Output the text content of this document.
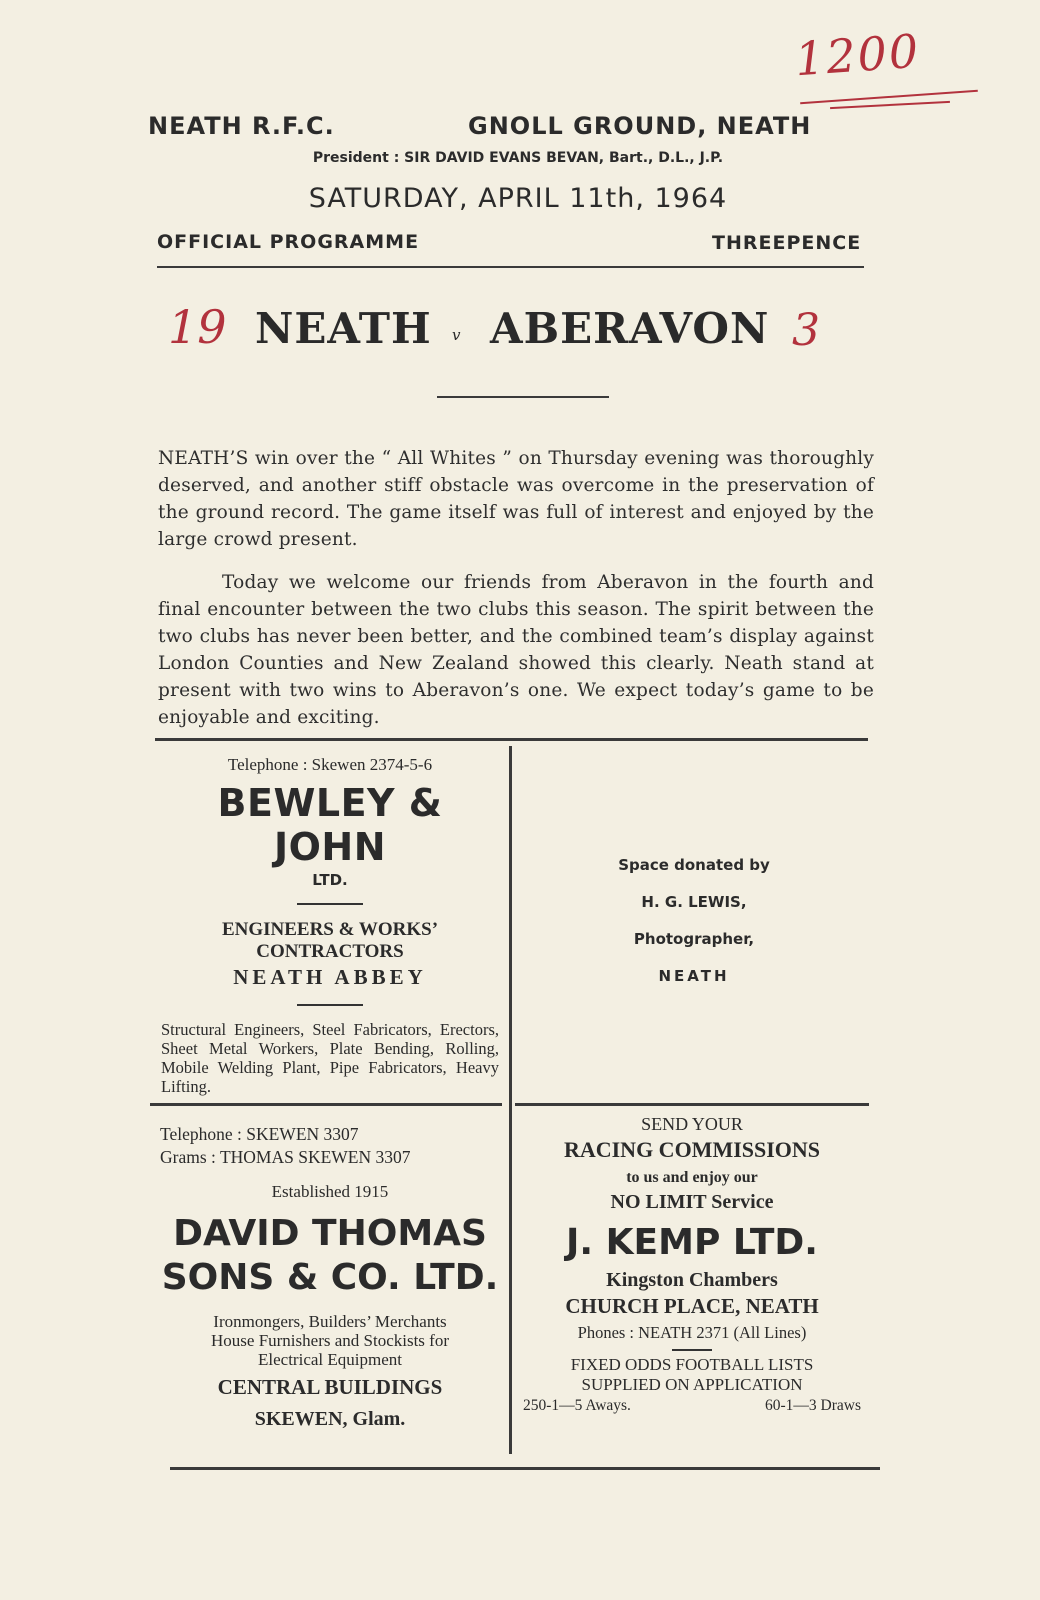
1200
NEATH R.F.C.	GNOLL GROUND, NEATH
President : SIR DAVID EVANS BEVAN, Bart., D.L., J.P.
SATURDAY, APRIL 11th, 1964
OFFICIAL PROGRAMME	THREEPENCE
19 NEATH v ABERAVON 3
NEATH’S win over the “ All Whites ” on Thursday evening was thoroughly deserved, and another stiff obstacle was overcome in the preservation of the ground record. The game itself was full of interest and enjoyed by the large crowd present.
Today we welcome our friends from Aberavon in the fourth and final encounter between the two clubs this season. The spirit between the two clubs has never been better, and the combined team’s display against London Counties and New Zealand showed this clearly. Neath stand at present with two wins to Aberavon’s one. We expect today’s game to be enjoyable and exciting.
Telephone : Skewen 2374-5-6
BEWLEY & JOHN
LTD.
ENGINEERS & WORKS’
CONTRACTORS
NEATH ABBEY
Structural Engineers, Steel Fabricators, Erectors, Sheet Metal Workers, Plate Bending, Rolling, Mobile Welding Plant, Pipe Fabricators, Heavy Lifting.
Space donated by
H. G. LEWIS,
Photographer,
NEATH
Telephone : SKEWEN 3307
Grams : THOMAS SKEWEN 3307
Established 1915
DAVID THOMAS
SONS & CO. LTD.
Ironmongers, Builders’ Merchants
House Furnishers and Stockists for
Electrical Equipment
CENTRAL BUILDINGS
SKEWEN, Glam.
SEND YOUR
RACING COMMISSIONS
to us and enjoy our
NO LIMIT Service
J. KEMP LTD.
Kingston Chambers
CHURCH PLACE, NEATH
Phones : NEATH 2371 (All Lines)
FIXED ODDS FOOTBALL LISTS
SUPPLIED ON APPLICATION
250-1—5 Aways.	60-1—3 Draws
